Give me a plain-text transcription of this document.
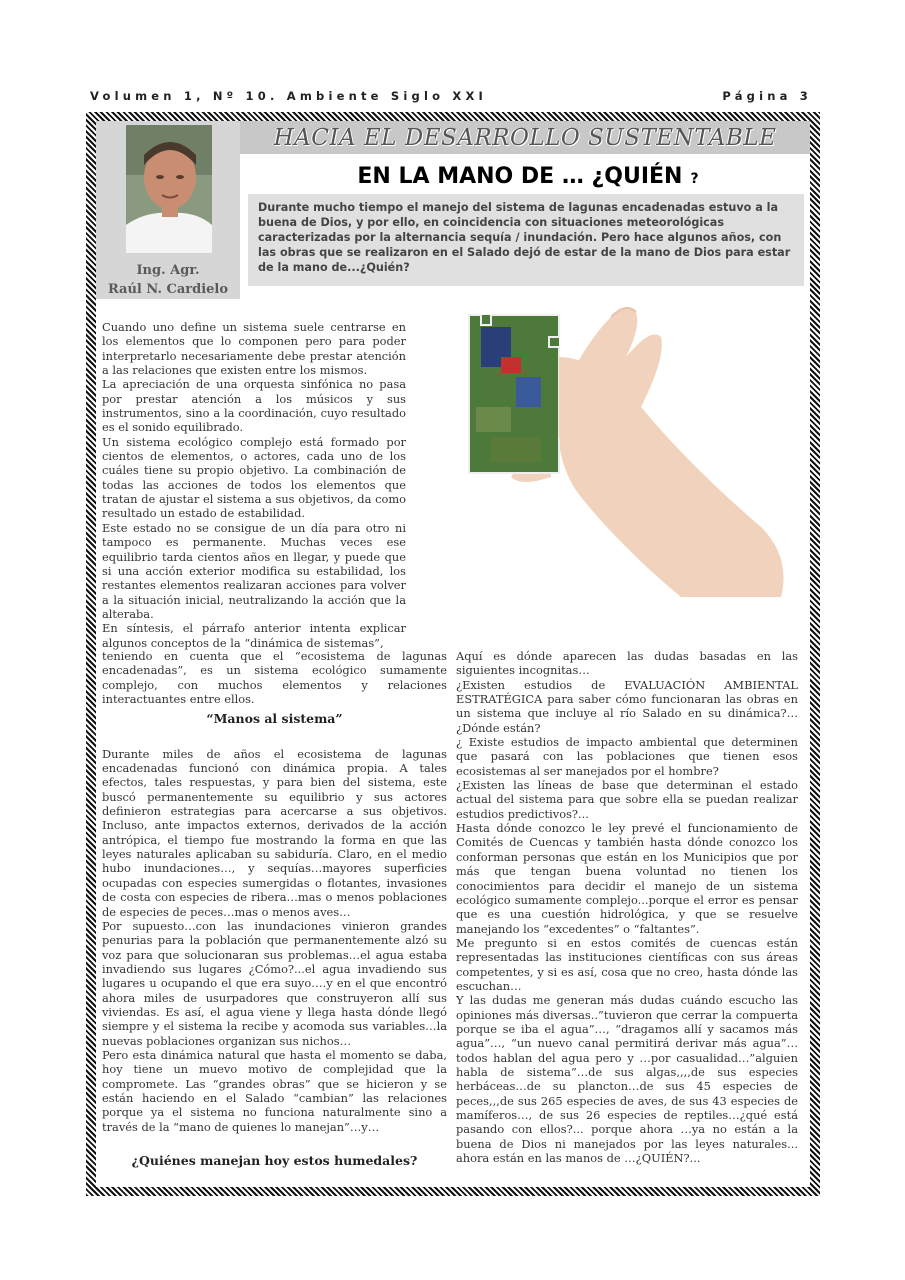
Volumen 1, Nº 10. Ambiente Siglo XXI	Página 3
Ing. Agr.
Raúl N. Cardielo
HACIA EL DESARROLLO SUSTENTABLE
EN LA MANO DE … ¿QUIÉN ?
Durante mucho tiempo el manejo del sistema de lagunas encadenadas estuvo a la buena de Dios, y por ello, en coincidencia con situaciones meteorológicas caracterizadas por la alternancia sequía / inundación. Pero hace algunos años, con las obras que se realizaron en el Salado dejó de estar de la mano de Dios para estar de la mano de...¿Quién?

Cuando uno define un sistema suele centrarse en los elementos que lo componen pero para poder interpretarlo necesariamente debe prestar atención a las relaciones que existen entre los mismos.

La apreciación de una orquesta sinfónica no pasa por prestar atención a los músicos y sus instrumentos, sino a la coordinación, cuyo resultado es el sonido equilibrado.

Un sistema ecológico complejo está formado por cientos de elementos, o actores, cada uno de los cuáles tiene su propio objetivo. La combinación de todas las acciones de todos los elementos que tratan de ajustar el sistema a sus objetivos, da como resultado un estado de estabilidad.

Este estado no se consigue de un día para otro ni tampoco es permanente. Muchas veces ese equilibrio tarda cientos años en llegar, y puede que si una acción exterior modifica su estabilidad, los restantes elementos realizaran acciones para volver a la situación inicial, neutralizando la acción que la alteraba.

En síntesis, el párrafo anterior intenta explicar algunos conceptos de la “dinámica de sistemas”,

teniendo en cuenta que el “ecosistema de lagunas encadenadas”, es un sistema ecológico sumamente complejo, con muchos elementos y relaciones interactuantes entre ellos.

“Manos al sistema”

Durante miles de años el ecosistema de lagunas encadenadas funcionó con dinámica propia. A tales efectos, tales respuestas, y para bien del sistema, este buscó permanentemente su equilibrio y sus actores definieron estrategias para acercarse a sus objetivos. Incluso, ante impactos externos, derivados de la acción antrópica, el tiempo fue mostrando la forma en que las leyes naturales aplicaban su sabiduría. Claro, en el medio hubo inundaciones…, y sequías…mayores superficies ocupadas con especies sumergidas o flotantes, invasiones de costa con especies de ribera…mas o menos poblaciones de especies de peces…mas o menos aves…

Por supuesto…con las inundaciones vinieron grandes penurias para la población que permanentemente alzó su voz para que solucionaran sus problemas…el agua estaba invadiendo sus lugares ¿Cómo?...el agua invadiendo sus lugares u ocupando el que era suyo….y en el que encontró ahora miles de usurpadores que construyeron allí sus viviendas. Es así, el agua viene y llega hasta dónde llegó siempre y el sistema la recibe y acomoda sus variables…la nuevas poblaciones organizan sus nichos…

Pero esta dinámica natural que hasta el momento se daba, hoy tiene un muevo motivo de complejidad que la compromete. Las “grandes obras” que se hicieron y se están haciendo en el Salado “cambian” las relaciones porque ya el sistema no funciona naturalmente sino a través de la “mano de quienes lo manejan”…y…

¿Quiénes manejan hoy estos humedales?

Aquí es dónde aparecen las dudas basadas en las siguientes incognitas…

¿Existen estudios de EVALUACIÓN AMBIENTAL ESTRATÉGICA para saber cómo funcionaran las obras en un sistema que incluye al río Salado en su dinámica?…¿Dónde están?

¿ Existe estudios de impacto ambiental que determinen que pasará con las poblaciones que tienen esos ecosistemas al ser manejados por el hombre?

¿Existen las líneas de base que determinan el estado actual del sistema para que sobre ella se puedan realizar estudios predictivos?...

Hasta dónde conozco le ley prevé el funcionamiento de Comités de Cuencas y también hasta dónde conozco los conforman personas que están en los Municipios que por más que tengan buena voluntad no tienen los conocimientos para decidir el manejo de un sistema ecológico sumamente complejo...porque el error es pensar que es una cuestión hidrológica, y que se resuelve manejando los “excedentes” o “faltantes”.

Me pregunto si en estos comités de cuencas están representadas las instituciones científicas con sus áreas competentes, y si es así, cosa que no creo, hasta dónde las escuchan…

Y las dudas me generan más dudas cuándo escucho las opiniones más diversas..”tuvieron que cerrar la compuerta porque se iba el agua”…, “dragamos allí y sacamos más agua”…, “un nuevo canal permitirá derivar más agua”…todos hablan del agua pero y …por casualidad…”alguien habla de sistema”…de sus algas,,,,de sus especies herbáceas…de su plancton…de sus 45 especies de peces,,,de sus 265 especies de aves, de sus 43 especies de mamíferos…, de sus 26 especies de reptiles…¿qué está pasando con ellos?... porque ahora …ya no están a la buena de Dios ni manejados por las leyes naturales... ahora están en las manos de …¿QUIÉN?...
